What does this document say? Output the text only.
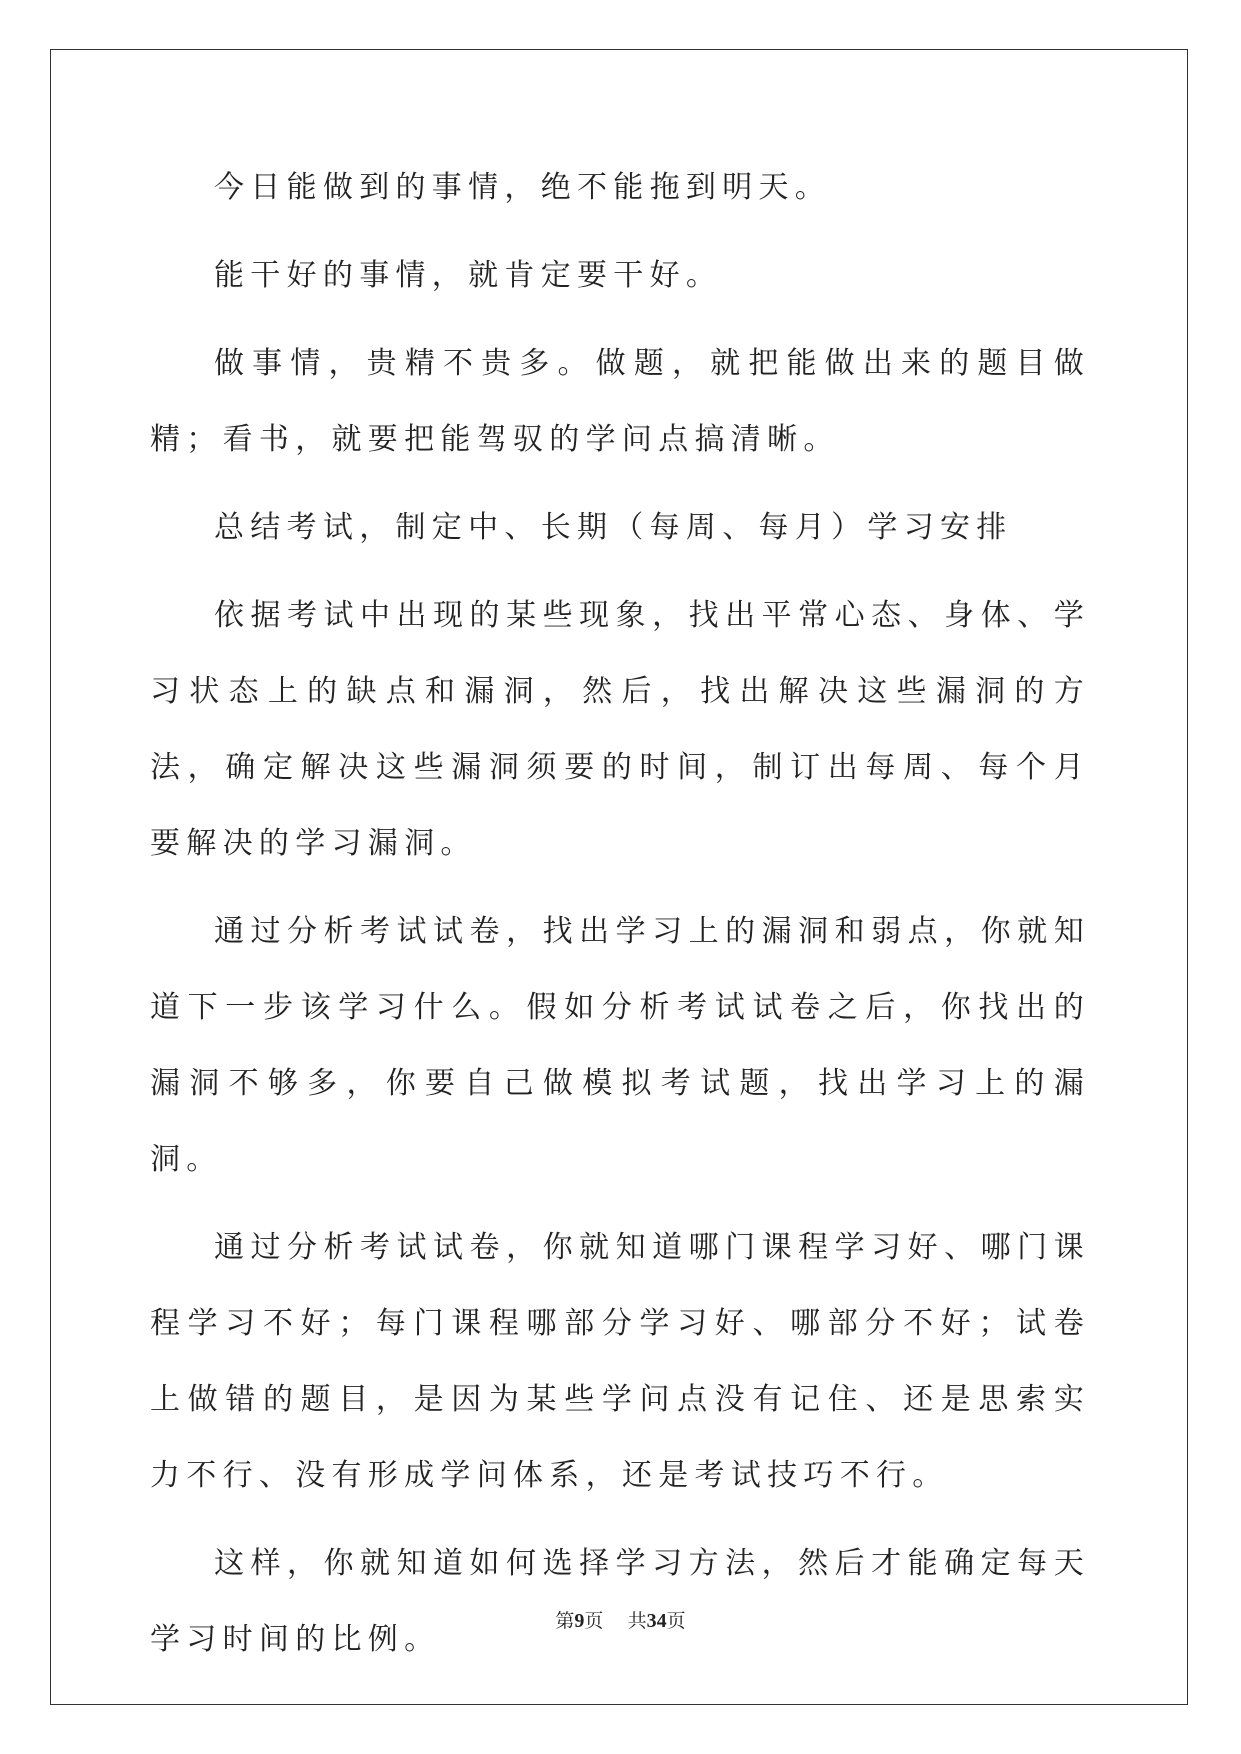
今日能做到的事情，绝不能拖到明天。

能干好的事情，就肯定要干好。

做事情，贵精不贵多。做题，就把能做出来的题目做精；看书，就要把能驾驭的学问点搞清晰。

总结考试，制定中、长期（每周、每月）学习安排

依据考试中出现的某些现象，找出平常心态、身体、学习状态上的缺点和漏洞，然后，找出解决这些漏洞的方法，确定解决这些漏洞须要的时间，制订出每周、每个月要解决的学习漏洞。

通过分析考试试卷，找出学习上的漏洞和弱点，你就知道下一步该学习什么。假如分析考试试卷之后，你找出的漏洞不够多，你要自己做模拟考试题，找出学习上的漏洞。

通过分析考试试卷，你就知道哪门课程学习好、哪门课程学习不好；每门课程哪部分学习好、哪部分不好；试卷上做错的题目，是因为某些学问点没有记住、还是思索实力不行、没有形成学问体系，还是考试技巧不行。

这样，你就知道如何选择学习方法，然后才能确定每天学习时间的比例。

第9页 共34页
